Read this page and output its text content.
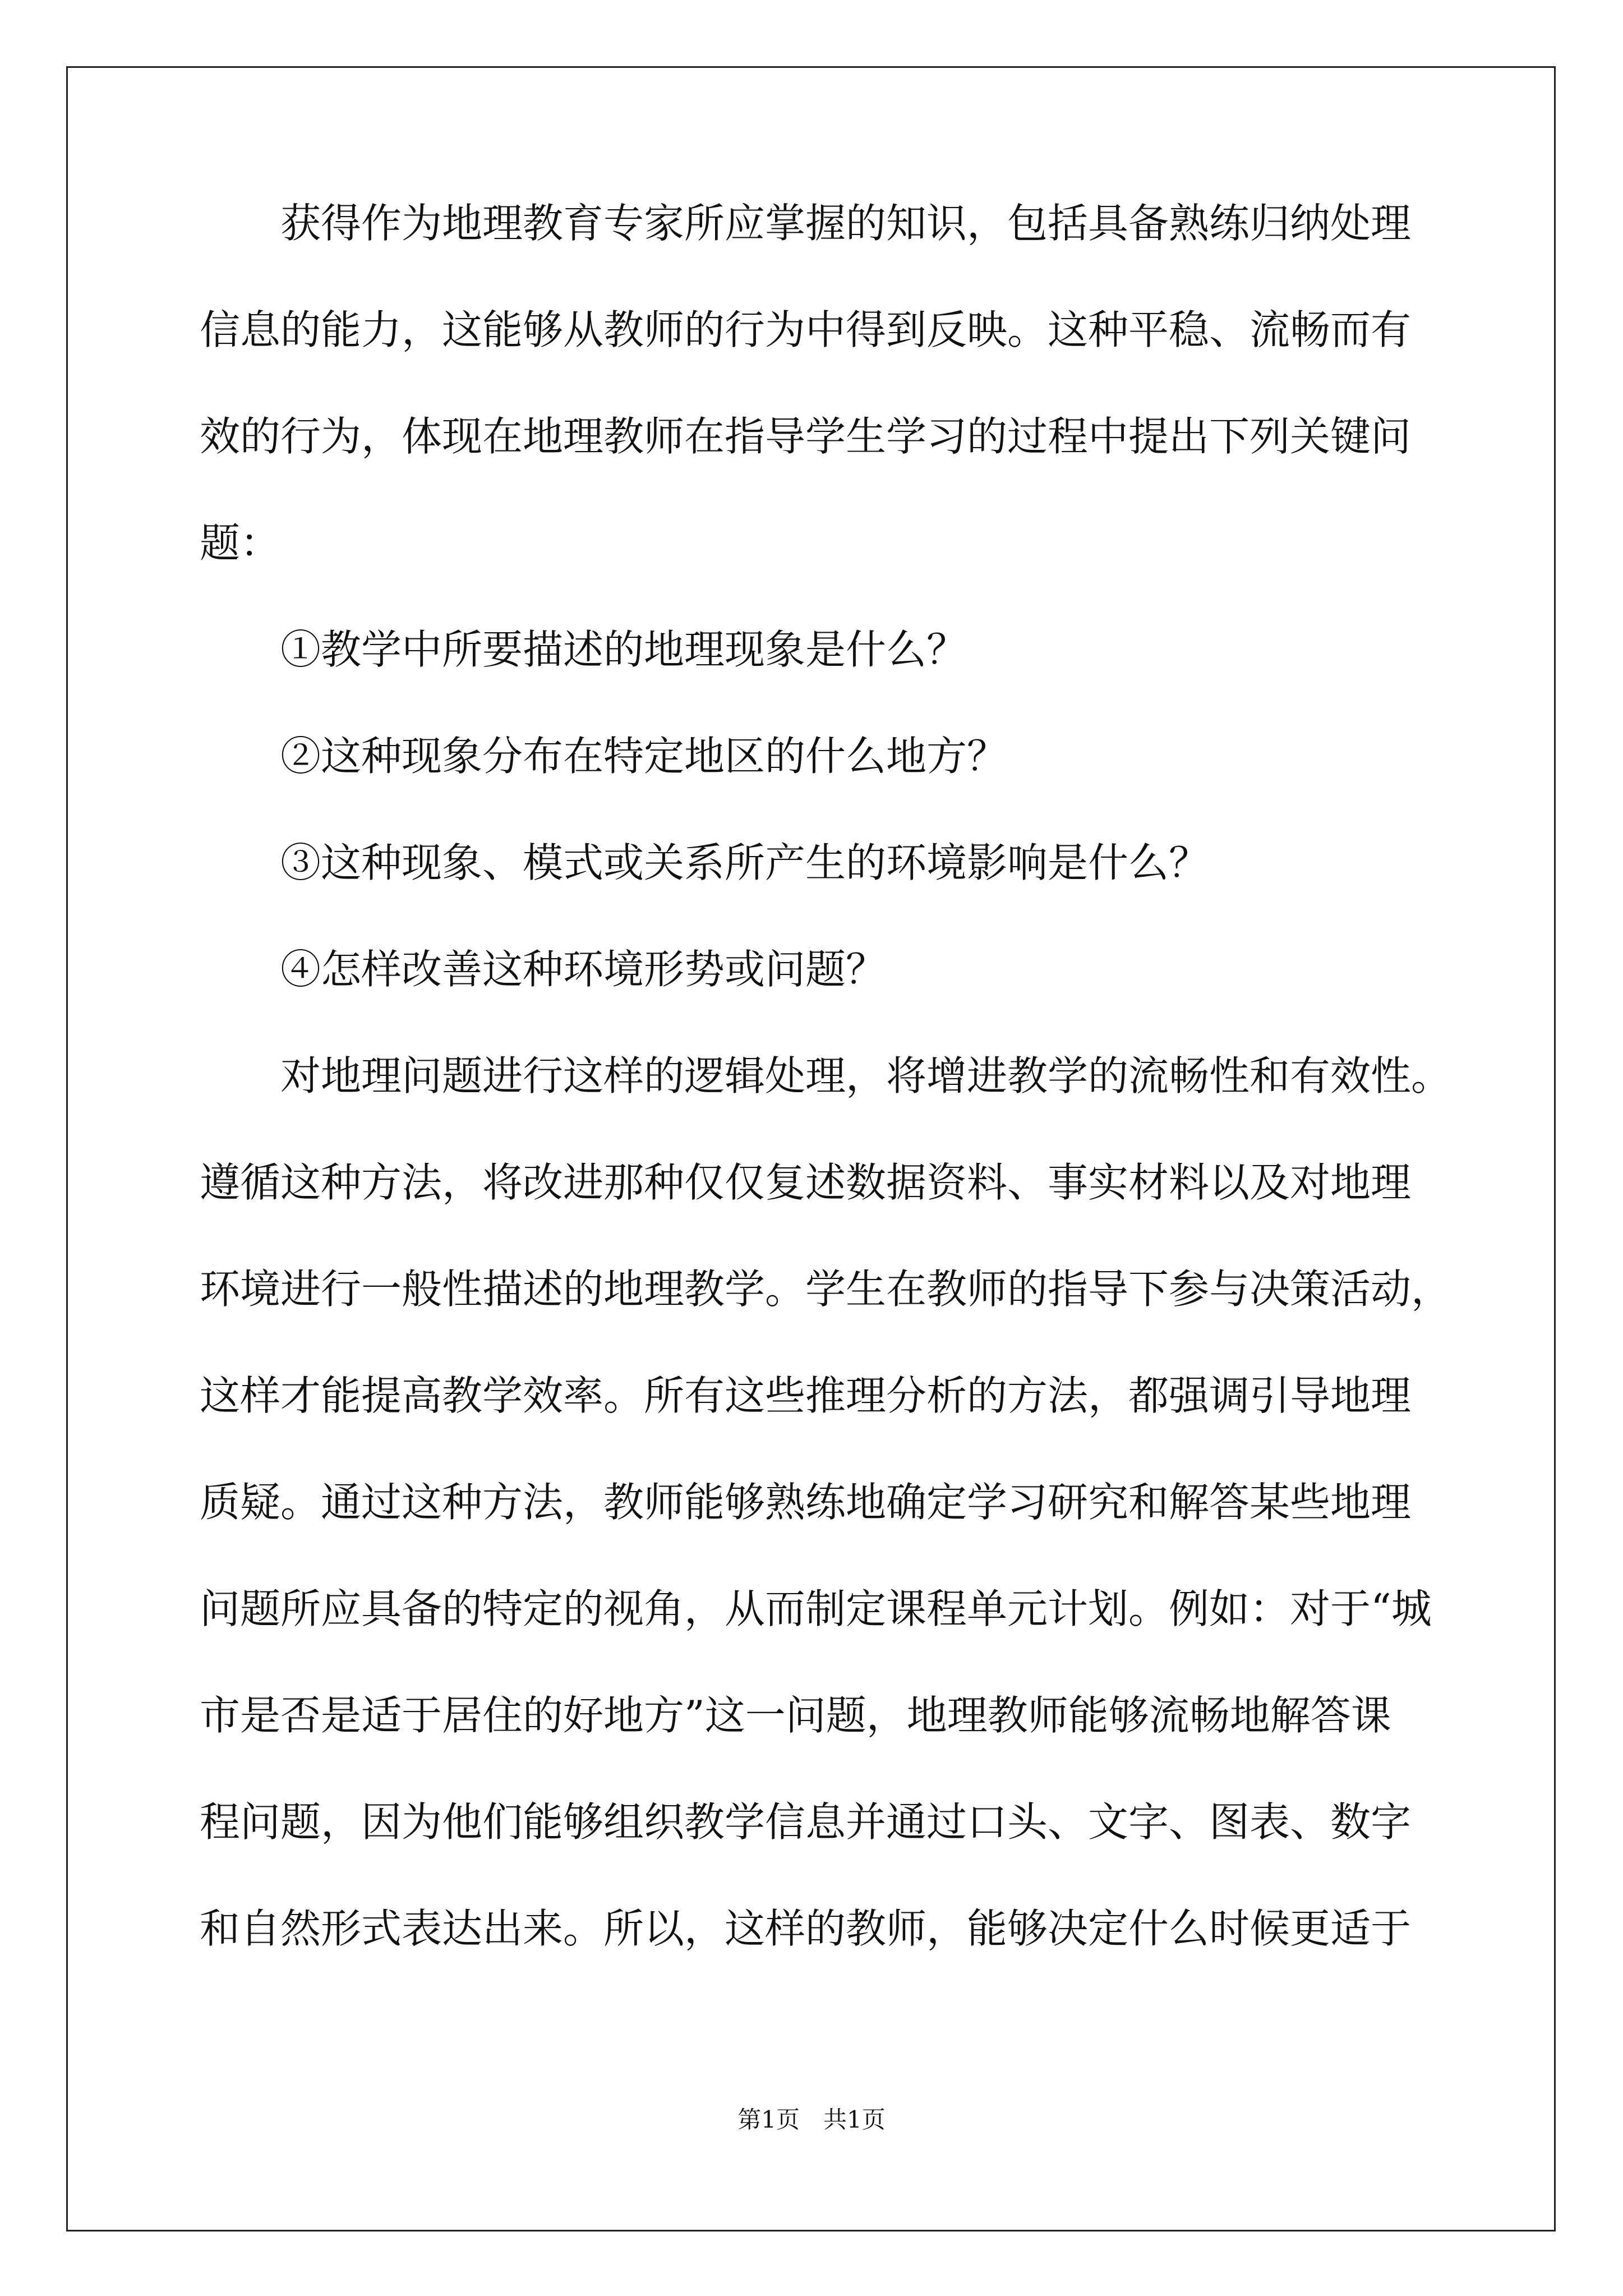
　　获得作为地理教育专家所应掌握的知识，包括具备熟练归纳处理
信息的能力，这能够从教师的行为中得到反映。这种平稳、流畅而有
效的行为，体现在地理教师在指导学生学习的过程中提出下列关键问
题：
　　①教学中所要描述的地理现象是什么？
　　②这种现象分布在特定地区的什么地方？
　　③这种现象、模式或关系所产生的环境影响是什么？
　　④怎样改善这种环境形势或问题？
　　对地理问题进行这样的逻辑处理，将增进教学的流畅性和有效性。
遵循这种方法，将改进那种仅仅复述数据资料、事实材料以及对地理
环境进行一般性描述的地理教学。学生在教师的指导下参与决策活动，
这样才能提高教学效率。所有这些推理分析的方法，都强调引导地理
质疑。通过这种方法，教师能够熟练地确定学习研究和解答某些地理
问题所应具备的特定的视角，从而制定课程单元计划。例如：对于“城
市是否是适于居住的好地方”这一问题，地理教师能够流畅地解答课
程问题，因为他们能够组织教学信息并通过口头、文字、图表、数字
和自然形式表达出来。所以，这样的教师，能够决定什么时候更适于
第1页　共1页
